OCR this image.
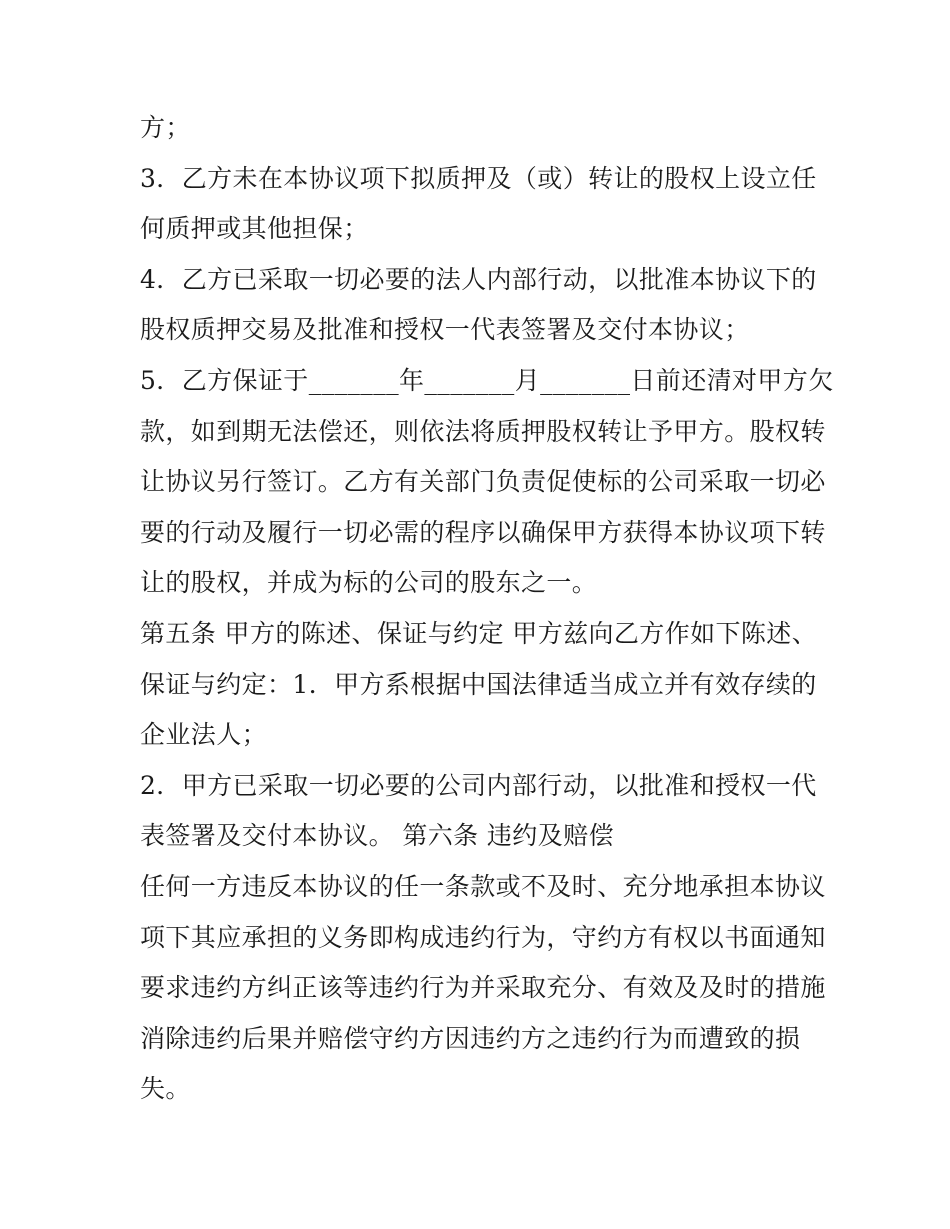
方；
3．乙方未在本协议项下拟质押及（或）转让的股权上设立任
何质押或其他担保；
4．乙方已采取一切必要的法人内部行动，以批准本协议下的
股权质押交易及批准和授权一代表签署及交付本协议；
5．乙方保证于_______年_______月_______日前还清对甲方欠
款，如到期无法偿还，则依法将质押股权转让予甲方。股权转
让协议另行签订。乙方有关部门负责促使标的公司采取一切必
要的行动及履行一切必需的程序以确保甲方获得本协议项下转
让的股权，并成为标的公司的股东之一。
第五条 甲方的陈述、保证与约定 甲方兹向乙方作如下陈述、
保证与约定：1．甲方系根据中国法律适当成立并有效存续的
企业法人；
2．甲方已采取一切必要的公司内部行动，以批准和授权一代
表签署及交付本协议。 第六条 违约及赔偿
任何一方违反本协议的任一条款或不及时、充分地承担本协议
项下其应承担的义务即构成违约行为，守约方有权以书面通知
要求违约方纠正该等违约行为并采取充分、有效及及时的措施
消除违约后果并赔偿守约方因违约方之违约行为而遭致的损
失。
